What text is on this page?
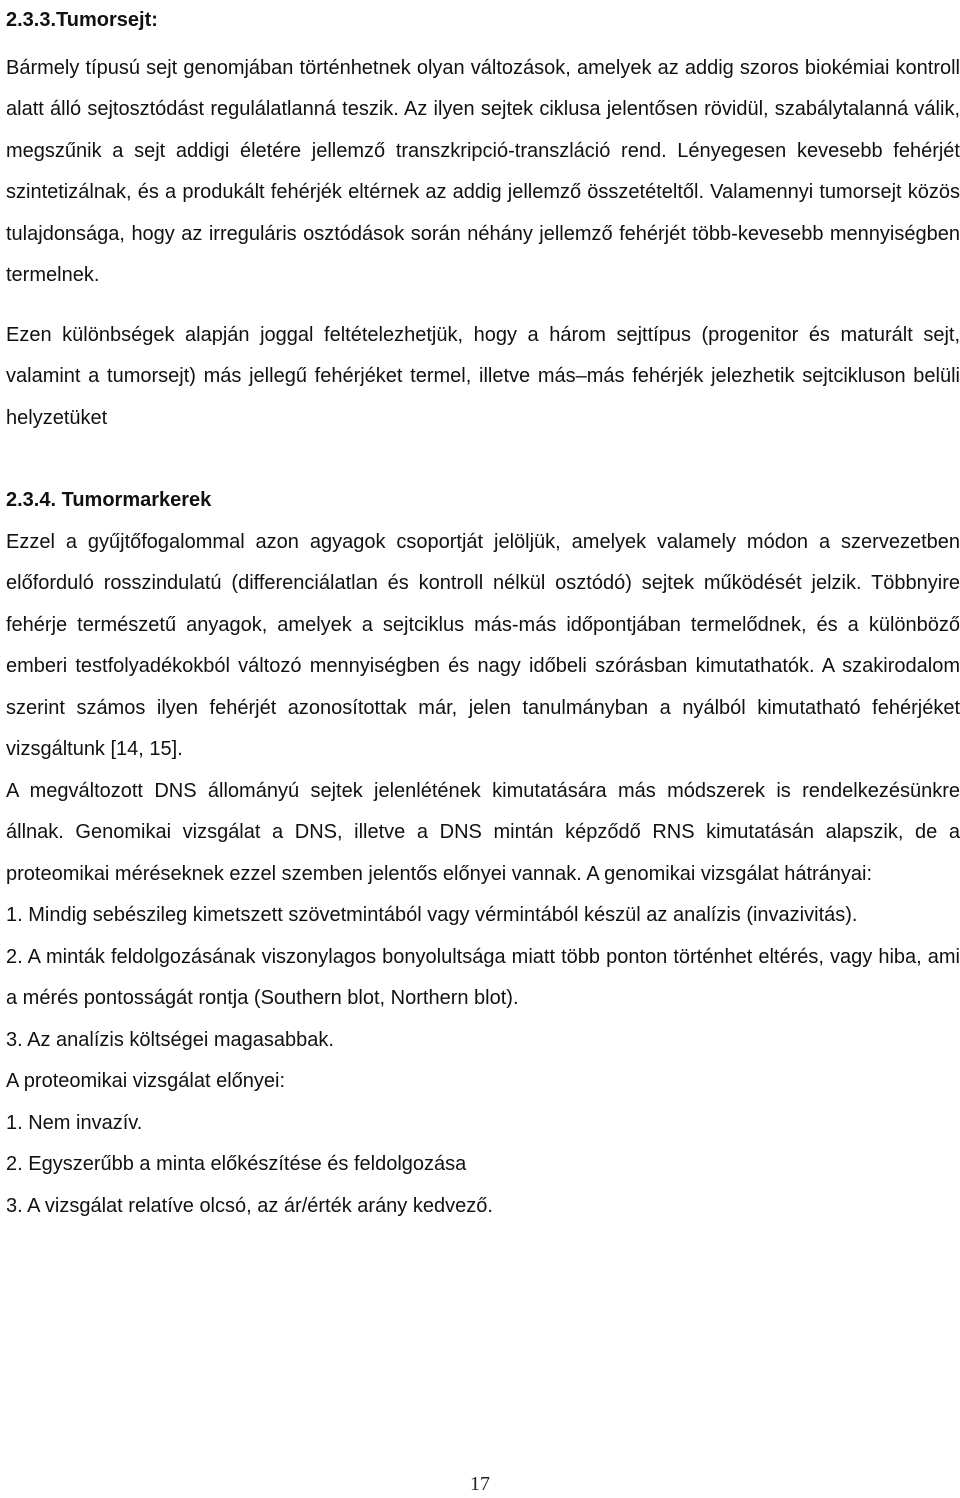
2.3.3.Tumorsejt:

Bármely típusú sejt genomjában történhetnek olyan változások, amelyek az addig szoros biokémiai kontroll alatt álló sejtosztódást regulálatlanná teszik. Az ilyen sejtek ciklusa jelentősen rövidül, szabálytalanná válik, megszűnik a sejt addigi életére jellemző transzkripció-transzláció rend. Lényegesen kevesebb fehérjét szintetizálnak, és a produkált fehérjék eltérnek az addig jellemző összetételtől. Valamennyi tumorsejt közös tulajdonsága, hogy az irreguláris osztódások során néhány jellemző fehérjét több-kevesebb mennyiségben termelnek.

Ezen különbségek alapján joggal feltételezhetjük, hogy a három sejttípus (progenitor és maturált sejt, valamint a tumorsejt) más jellegű fehérjéket termel, illetve más–más fehérjék jelezhetik sejtcikluson belüli helyzetüket

2.3.4. Tumormarkerek

Ezzel a gyűjtőfogalommal azon agyagok csoportját jelöljük, amelyek valamely módon a szervezetben előforduló rosszindulatú (differenciálatlan és kontroll nélkül osztódó) sejtek működését jelzik. Többnyire fehérje természetű anyagok, amelyek a sejtciklus más-más időpontjában termelődnek, és a különböző emberi testfolyadékokból változó mennyiségben és nagy időbeli szórásban kimutathatók. A szakirodalom szerint számos ilyen fehérjét azonosítottak már, jelen tanulmányban a nyálból kimutatható fehérjéket vizsgáltunk [14, 15].

A megváltozott DNS állományú sejtek jelenlétének kimutatására más módszerek is rendelkezésünkre állnak. Genomikai vizsgálat a DNS, illetve a DNS mintán képződő RNS kimutatásán alapszik, de a proteomikai méréseknek ezzel szemben jelentős előnyei vannak. A genomikai vizsgálat hátrányai:

1. Mindig sebészileg kimetszett szövetmintából vagy vérmintából készül az analízis (invazivitás).

2. A minták feldolgozásának viszonylagos bonyolultsága miatt több ponton történhet eltérés, vagy hiba, ami a mérés pontosságát rontja (Southern blot, Northern blot).

3. Az analízis költségei magasabbak.

A proteomikai vizsgálat előnyei:

1. Nem invazív.

2. Egyszerűbb a minta előkészítése és feldolgozása

3. A vizsgálat relatíve olcsó, az ár/érték arány kedvező.

17
